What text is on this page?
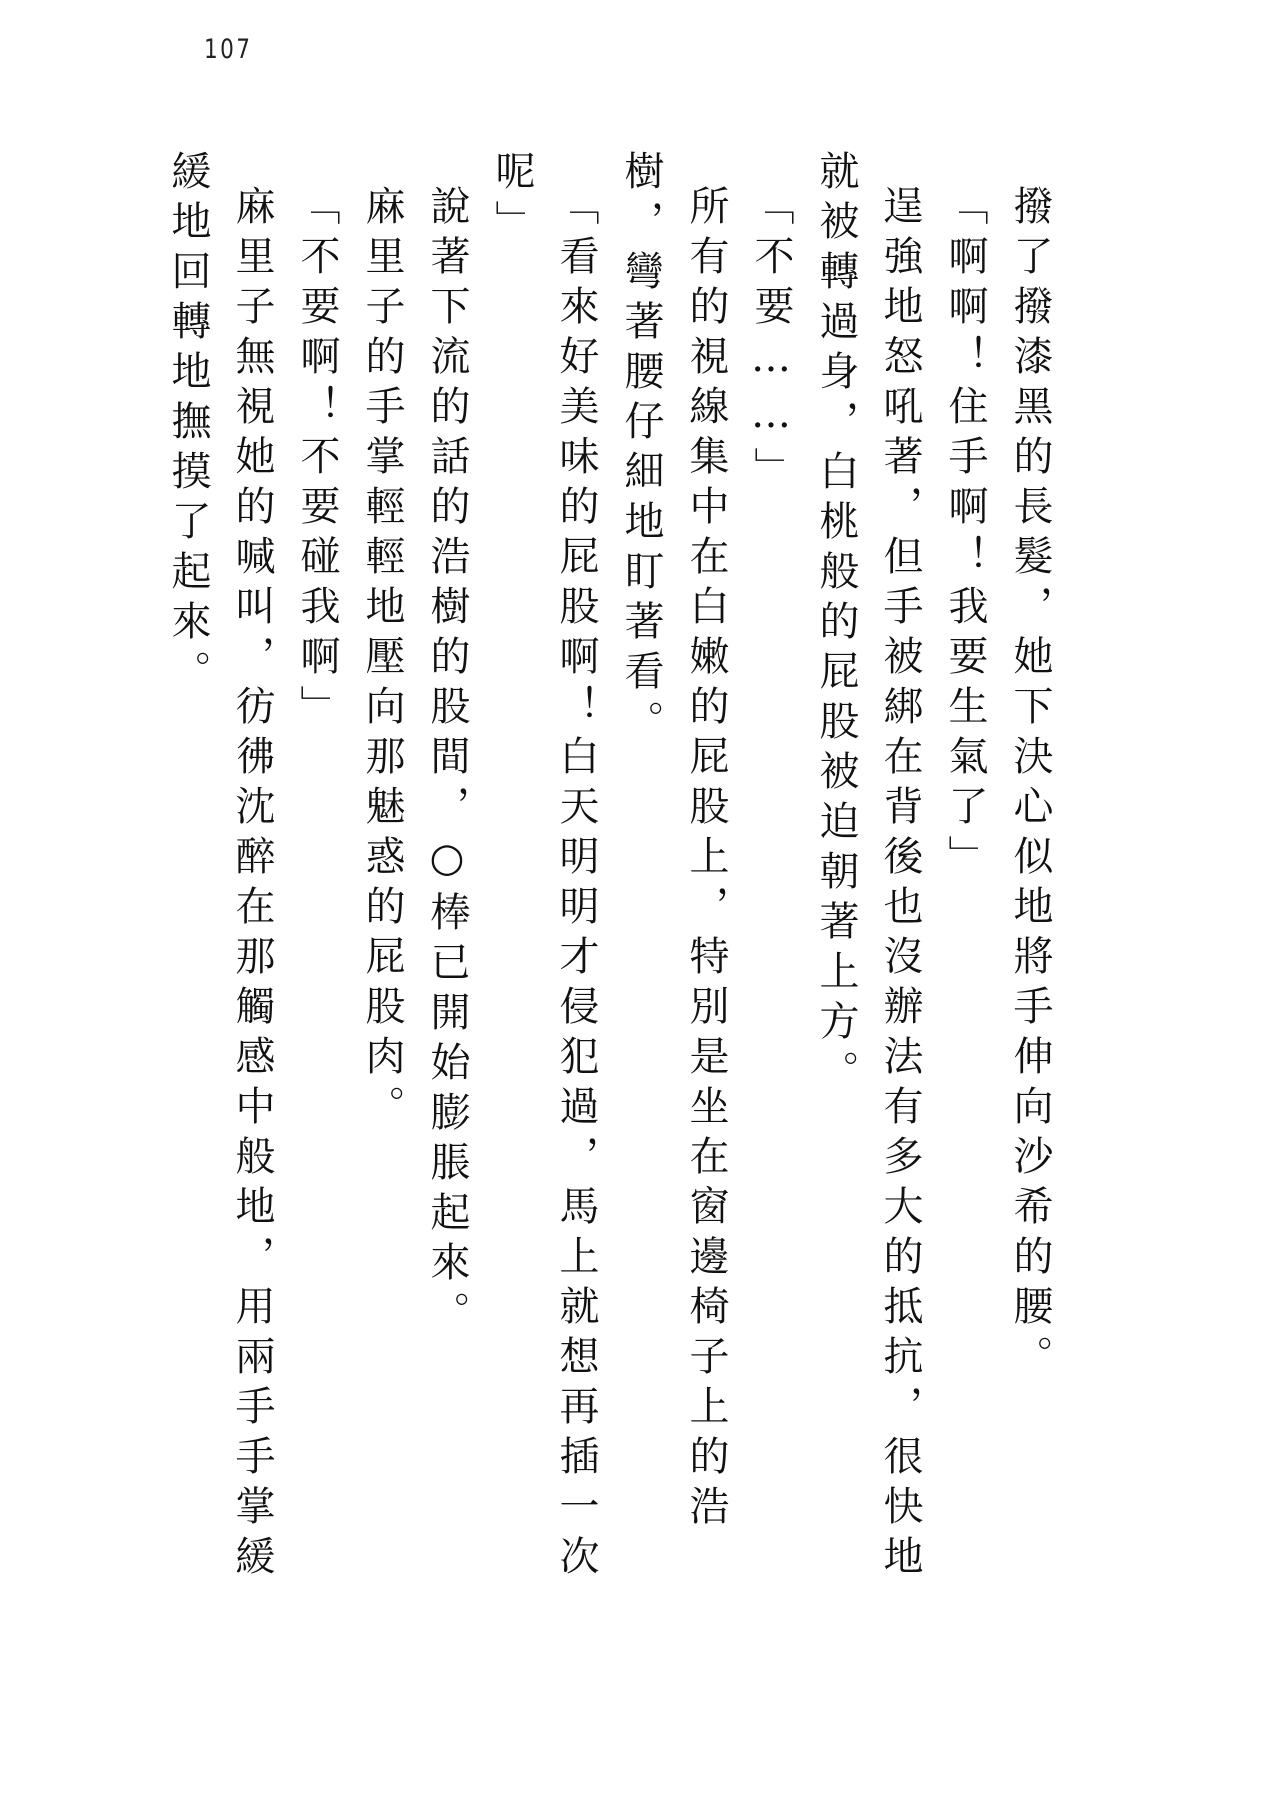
107
撥了撥漆黑的長髮，她下決心似地將手伸向沙希的腰。
「啊啊！住手啊！我要生氣了」
逞強地怒吼著，但手被綁在背後也沒辦法有多大的抵抗，很快地
就被轉過身，白桃般的屁股被迫朝著上方。
「不要……」
所有的視線集中在白嫩的屁股上，特別是坐在窗邊椅子上的浩
樹，彎著腰仔細地盯著看。
「看來好美味的屁股啊！白天明明才侵犯過，馬上就想再插一次
呢」
說著下流的話的浩樹的股間，○棒已開始膨脹起來。
麻里子的手掌輕輕地壓向那魅惑的屁股肉。
「不要啊！不要碰我啊」
麻里子無視她的喊叫，彷彿沈醉在那觸感中般地，用兩手手掌緩
緩地回轉地撫摸了起來。
